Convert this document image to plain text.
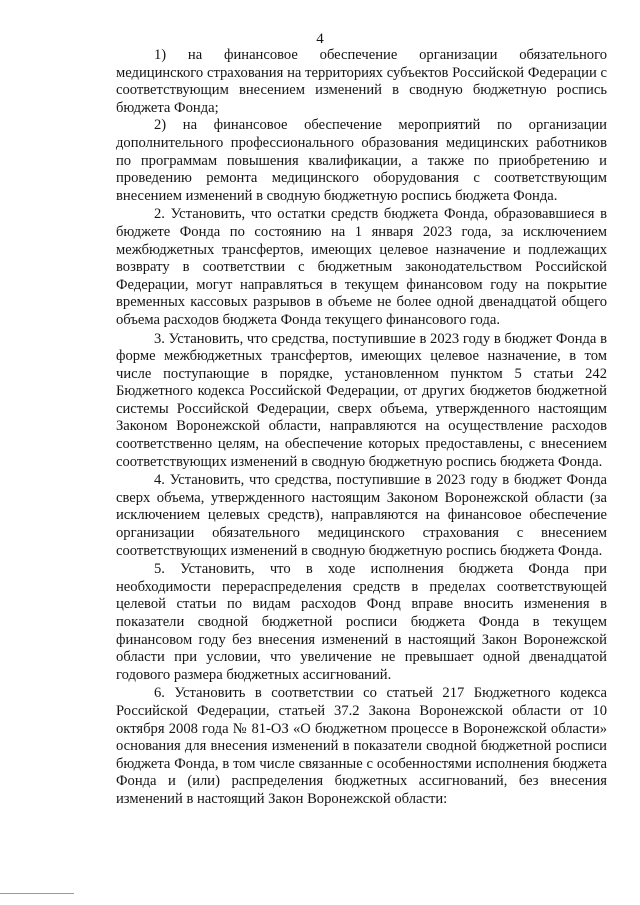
4

1) на финансовое обеспечение организации обязательного медицинского страхования на территориях субъектов Российской Федерации с соответствующим внесением изменений в сводную бюджетную роспись бюджета Фонда;

2) на финансовое обеспечение мероприятий по организации дополнительного профессионального образования медицинских работников по программам повышения квалификации, а также по приобретению и проведению ремонта медицинского оборудования с соответствующим внесением изменений в сводную бюджетную роспись бюджета Фонда.

2. Установить, что остатки средств бюджета Фонда, образовавшиеся в бюджете Фонда по состоянию на 1 января 2023 года, за исключением межбюджетных трансфертов, имеющих целевое назначение и подлежащих возврату в соответствии с бюджетным законодательством Российской Федерации, могут направляться в текущем финансовом году на покрытие временных кассовых разрывов в объеме не более одной двенадцатой общего объема расходов бюджета Фонда текущего финансового года.

3. Установить, что средства, поступившие в 2023 году в бюджет Фонда в форме межбюджетных трансфертов, имеющих целевое назначение, в том числе поступающие в порядке, установленном пунктом 5 статьи 242 Бюджетного кодекса Российской Федерации, от других бюджетов бюджетной системы Российской Федерации, сверх объема, утвержденного настоящим Законом Воронежской области, направляются на осуществление расходов соответственно целям, на обеспечение которых предоставлены, с внесением соответствующих изменений в сводную бюджетную роспись бюджета Фонда.

4. Установить, что средства, поступившие в 2023 году в бюджет Фонда сверх объема, утвержденного настоящим Законом Воронежской области (за исключением целевых средств), направляются на финансовое обеспечение организации обязательного медицинского страхования с внесением соответствующих изменений в сводную бюджетную роспись бюджета Фонда.

5. Установить, что в ходе исполнения бюджета Фонда при необходимости перераспределения средств в пределах соответствующей целевой статьи по видам расходов Фонд вправе вносить изменения в показатели сводной бюджетной росписи бюджета Фонда в текущем финансовом году без внесения изменений в настоящий Закон Воронежской области при условии, что увеличение не превышает одной двенадцатой годового размера бюджетных ассигнований.

6. Установить в соответствии со статьей 217 Бюджетного кодекса Российской Федерации, статьей 37.2 Закона Воронежской области от 10 октября 2008 года № 81-ОЗ «О бюджетном процессе в Воронежской области» основания для внесения изменений в показатели сводной бюджетной росписи бюджета Фонда, в том числе связанные с особенностями исполнения бюджета Фонда и (или) распределения бюджетных ассигнований, без внесения изменений в настоящий Закон Воронежской области:
